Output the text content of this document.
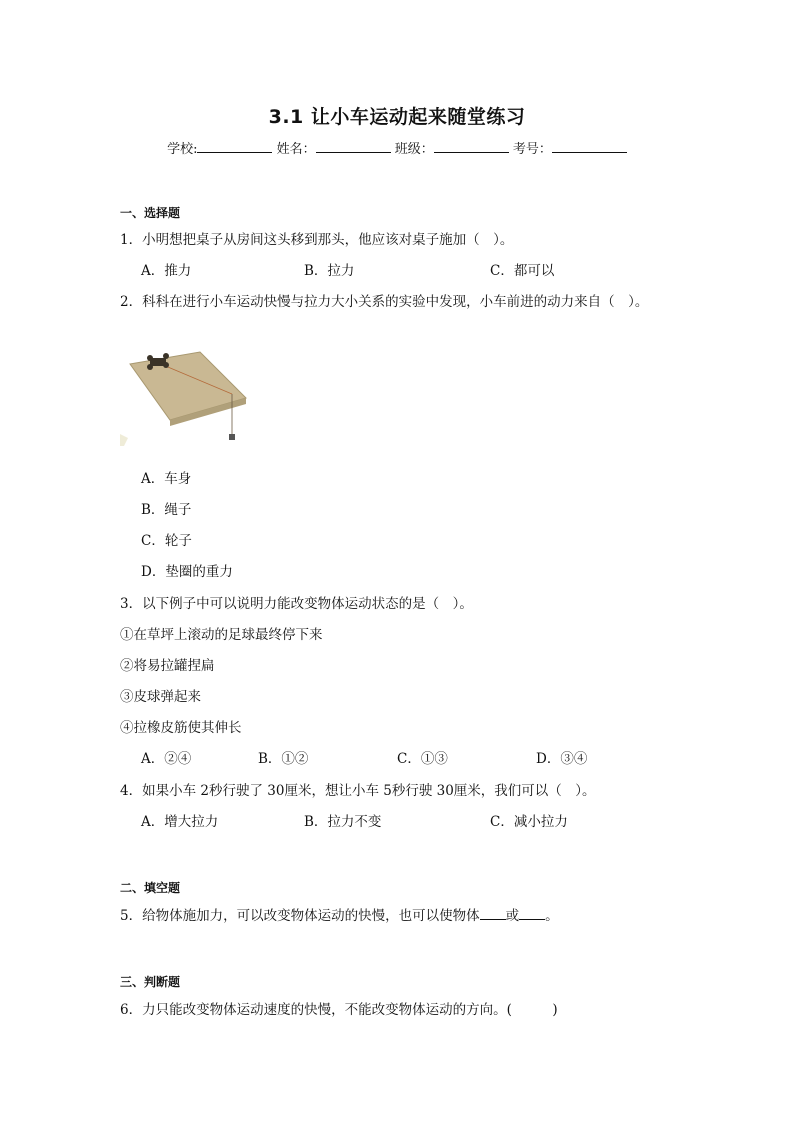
3.1 让小车运动起来随堂练习
学校:	姓名：	班级：	考号：
一、选择题
1．小明想把桌子从房间这头移到那头，他应该对桌子施加（　）。
A．推力	B．拉力	C．都可以
2．科科在进行小车运动快慢与拉力大小关系的实验中发现，小车前进的动力来自（　）。
A．车身
B．绳子
C．轮子
D．垫圈的重力
3．以下例子中可以说明力能改变物体运动状态的是（　）。
①在草坪上滚动的足球最终停下来
②将易拉罐捏扁
③皮球弹起来
④拉橡皮筋使其伸长
A．②④	B．①②	C．①③	D．③④
4．如果小车 2秒行驶了 30厘米，想让小车 5秒行驶 30厘米，我们可以（　）。
A．增大拉力	B．拉力不变	C．减小拉力
二、填空题
5．给物体施加力，可以改变物体运动的快慢，也可以使物体 或 。
三、判断题
6．力只能改变物体运动速度的快慢，不能改变物体运动的方向。(　　　)
